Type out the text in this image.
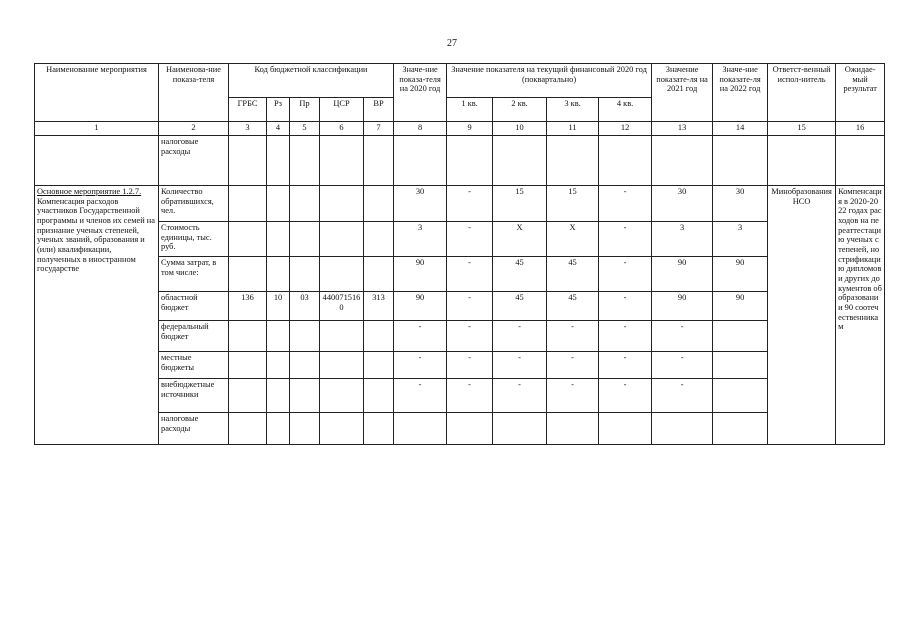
27
Наименование мероприятия	Наименова-ние показа-теля	Код бюджетной классификации					Значе-ние показа-теля на 2020 год	Значение показателя на текущий финансовый 2020 год (поквартально)				Значение показате-ля на 2021 год	Значе-ние показате-ля на 2022 год	Ответст-венный испол-нитель	Ожидае-мый результат
		ГРБС	Рз	Пр	ЦСР	ВР		1 кв.	2 кв.	3 кв.	4 кв.				
1	2	3	4	5	6	7	8	9	10	11	12	13	14	15	16
	налоговые расходы														
Основное мероприятие 1.2.7. Компенсация расходов участников Государственной программы и членов их семей на признание ученых степеней, ученых званий, образования и (или) квалификации, полученных в иностранном государстве	Количество обратившихся, чел.						30	-	15	15	-	30	30	Минобразования НСО	Компенсация в 2020-2022 годах расходов на переаттестацию ученых степеней, нострификацию дипломов и других документов об образовании 90 соотечественникам
	Стоимость единицы, тыс. руб.						3	-	X	X	-	3	3		
	Сумма затрат, в том числе:						90	-	45	45	-	90	90		
	областной бюджет	136	10	03	4400715160	313	90	-	45	45	-	90	90		
	федеральный бюджет						-	-	-	-	-	-			
	местные бюджеты						-	-	-	-	-	-			
	внебюджетные источники						-	-	-	-	-	-			
	налоговые расходы														
